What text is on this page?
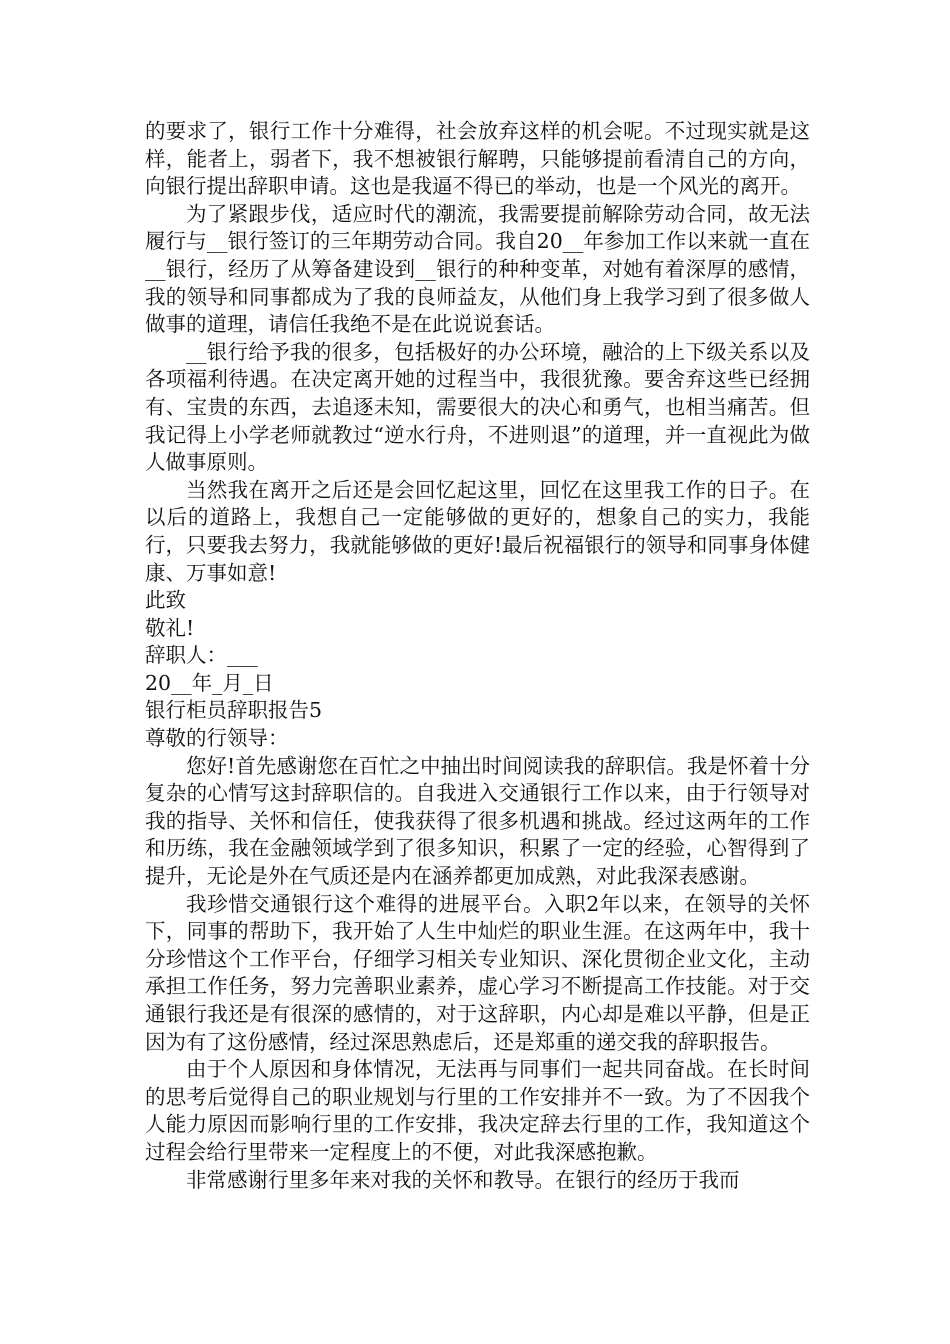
的要求了，银行工作十分难得，社会放弃这样的机会呢。不过现实就是这样，能者上，弱者下，我不想被银行解聘，只能够提前看清自己的方向，向银行提出辞职申请。这也是我逼不得已的举动，也是一个风光的离开。

为了紧跟步伐，适应时代的潮流，我需要提前解除劳动合同，故无法履行与__银行签订的三年期劳动合同。我自20__年参加工作以来就一直在__银行，经历了从筹备建设到__银行的种种变革，对她有着深厚的感情，我的领导和同事都成为了我的良师益友，从他们身上我学习到了很多做人做事的道理，请信任我绝不是在此说说套话。

__银行给予我的很多，包括极好的办公环境，融洽的上下级关系以及各项福利待遇。在决定离开她的过程当中，我很犹豫。要舍弃这些已经拥有、宝贵的东西，去追逐未知，需要很大的决心和勇气，也相当痛苦。但我记得上小学老师就教过“逆水行舟，不进则退”的道理，并一直视此为做人做事原则。

当然我在离开之后还是会回忆起这里，回忆在这里我工作的日子。在以后的道路上，我想自己一定能够做的更好的，想象自己的实力，我能行，只要我去努力，我就能够做的更好!最后祝福银行的领导和同事身体健康、万事如意!

此致

敬礼!

辞职人：___

20__年_月_日

银行柜员辞职报告5

尊敬的行领导：

您好!首先感谢您在百忙之中抽出时间阅读我的辞职信。我是怀着十分复杂的心情写这封辞职信的。自我进入交通银行工作以来，由于行领导对我的指导、关怀和信任，使我获得了很多机遇和挑战。经过这两年的工作和历练，我在金融领域学到了很多知识，积累了一定的经验，心智得到了提升，无论是外在气质还是内在涵养都更加成熟，对此我深表感谢。

我珍惜交通银行这个难得的进展平台。入职2年以来，在领导的关怀下，同事的帮助下，我开始了人生中灿烂的职业生涯。在这两年中，我十分珍惜这个工作平台，仔细学习相关专业知识、深化贯彻企业文化，主动承担工作任务，努力完善职业素养，虚心学习不断提高工作技能。对于交通银行我还是有很深的感情的，对于这辞职，内心却是难以平静，但是正因为有了这份感情，经过深思熟虑后，还是郑重的递交我的辞职报告。

由于个人原因和身体情况，无法再与同事们一起共同奋战。在长时间的思考后觉得自己的职业规划与行里的工作安排并不一致。为了不因我个人能力原因而影响行里的工作安排，我决定辞去行里的工作，我知道这个过程会给行里带来一定程度上的不便，对此我深感抱歉。

非常感谢行里多年来对我的关怀和教导。在银行的经历于我而
